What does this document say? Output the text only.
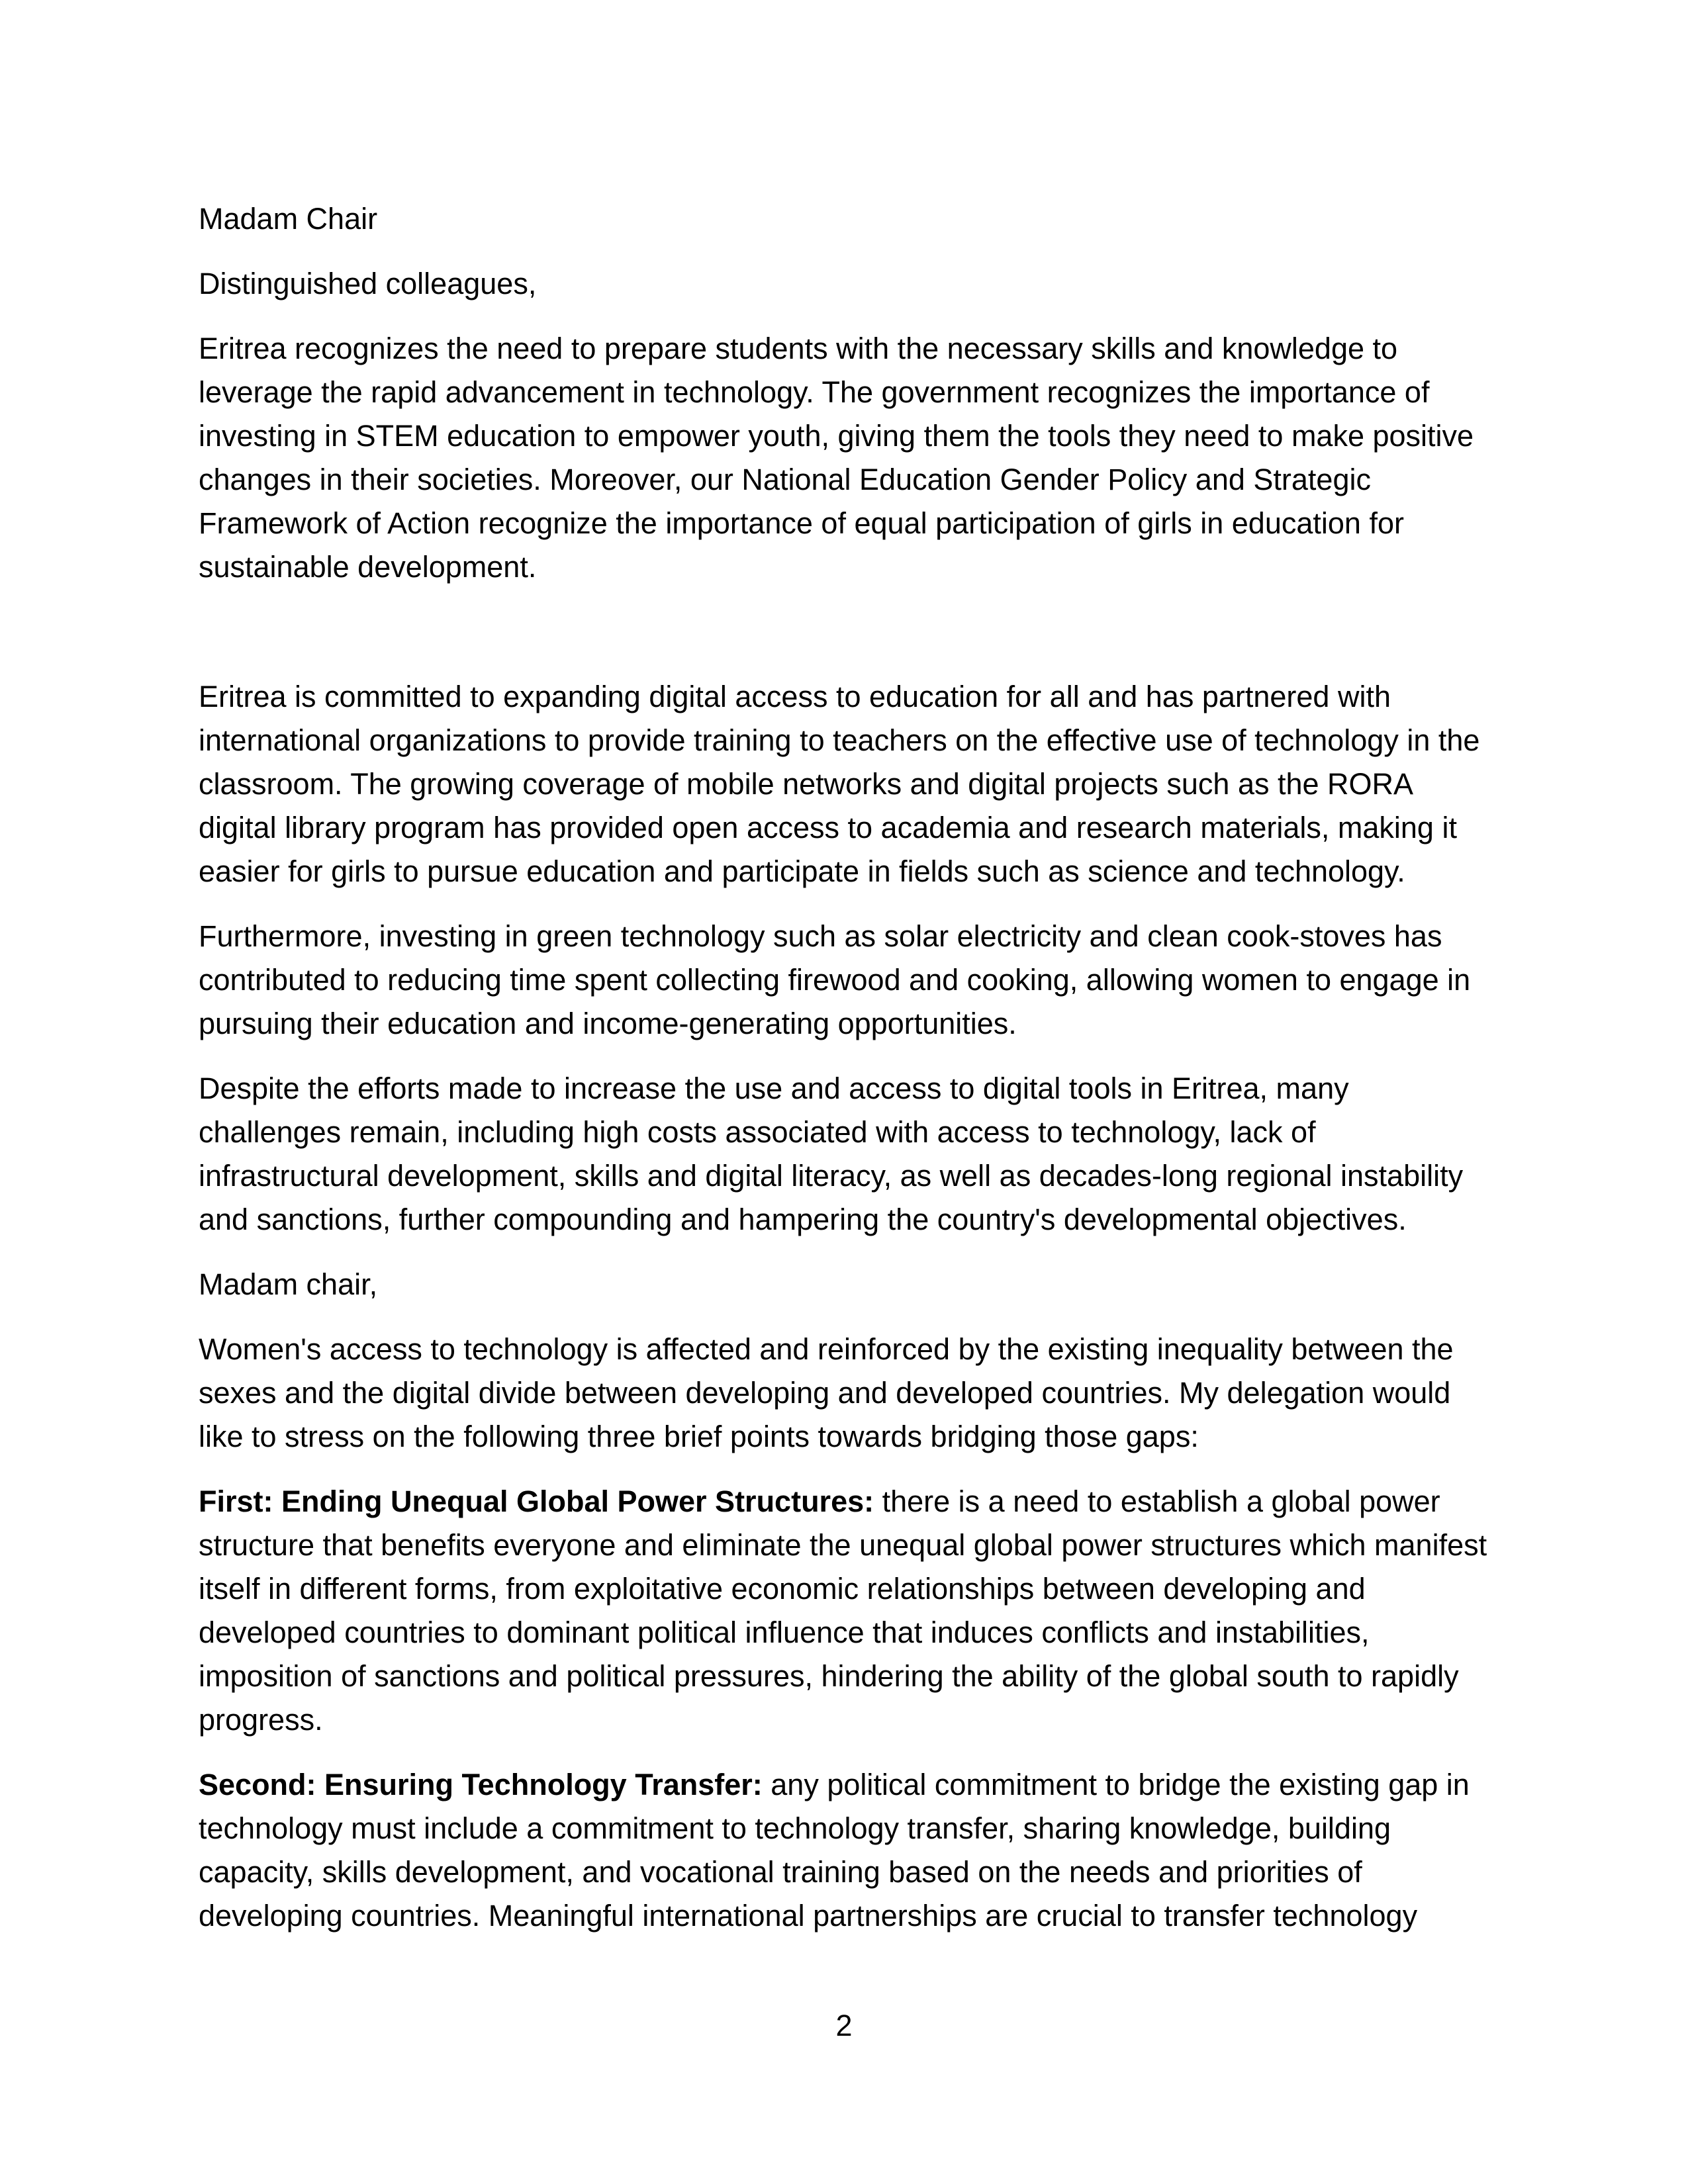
Madam Chair

Distinguished colleagues,

Eritrea recognizes the need to prepare students with the necessary skills and knowledge to leverage the rapid advancement in technology. The government recognizes the importance of investing in STEM education to empower youth, giving them the tools they need to make positive changes in their societies. Moreover, our National Education Gender Policy and Strategic Framework of Action recognize the importance of equal participation of girls in education for sustainable development.

Eritrea is committed to expanding digital access to education for all and has partnered with international organizations to provide training to teachers on the effective use of technology in the classroom. The growing coverage of mobile networks and digital projects such as the RORA digital library program has provided open access to academia and research materials, making it easier for girls to pursue education and participate in fields such as science and technology.

Furthermore, investing in green technology such as solar electricity and clean cook-stoves has contributed to reducing time spent collecting firewood and cooking, allowing women to engage in pursuing their education and income-generating opportunities.

Despite the efforts made to increase the use and access to digital tools in Eritrea, many challenges remain, including high costs associated with access to technology, lack of infrastructural development, skills and digital literacy, as well as decades-long regional instability and sanctions, further compounding and hampering the country's developmental objectives.

Madam chair,

Women's access to technology is affected and reinforced by the existing inequality between the sexes and the digital divide between developing and developed countries. My delegation would like to stress on the following three brief points towards bridging those gaps:

First: Ending Unequal Global Power Structures: there is a need to establish a global power structure that benefits everyone and eliminate the unequal global power structures which manifest itself in different forms, from exploitative economic relationships between developing and developed countries to dominant political influence that induces conflicts and instabilities, imposition of sanctions and political pressures, hindering the ability of the global south to rapidly progress.

Second: Ensuring Technology Transfer: any political commitment to bridge the existing gap in technology must include a commitment to technology transfer, sharing knowledge, building capacity, skills development, and vocational training based on the needs and priorities of developing countries. Meaningful international partnerships are crucial to transfer technology

2
